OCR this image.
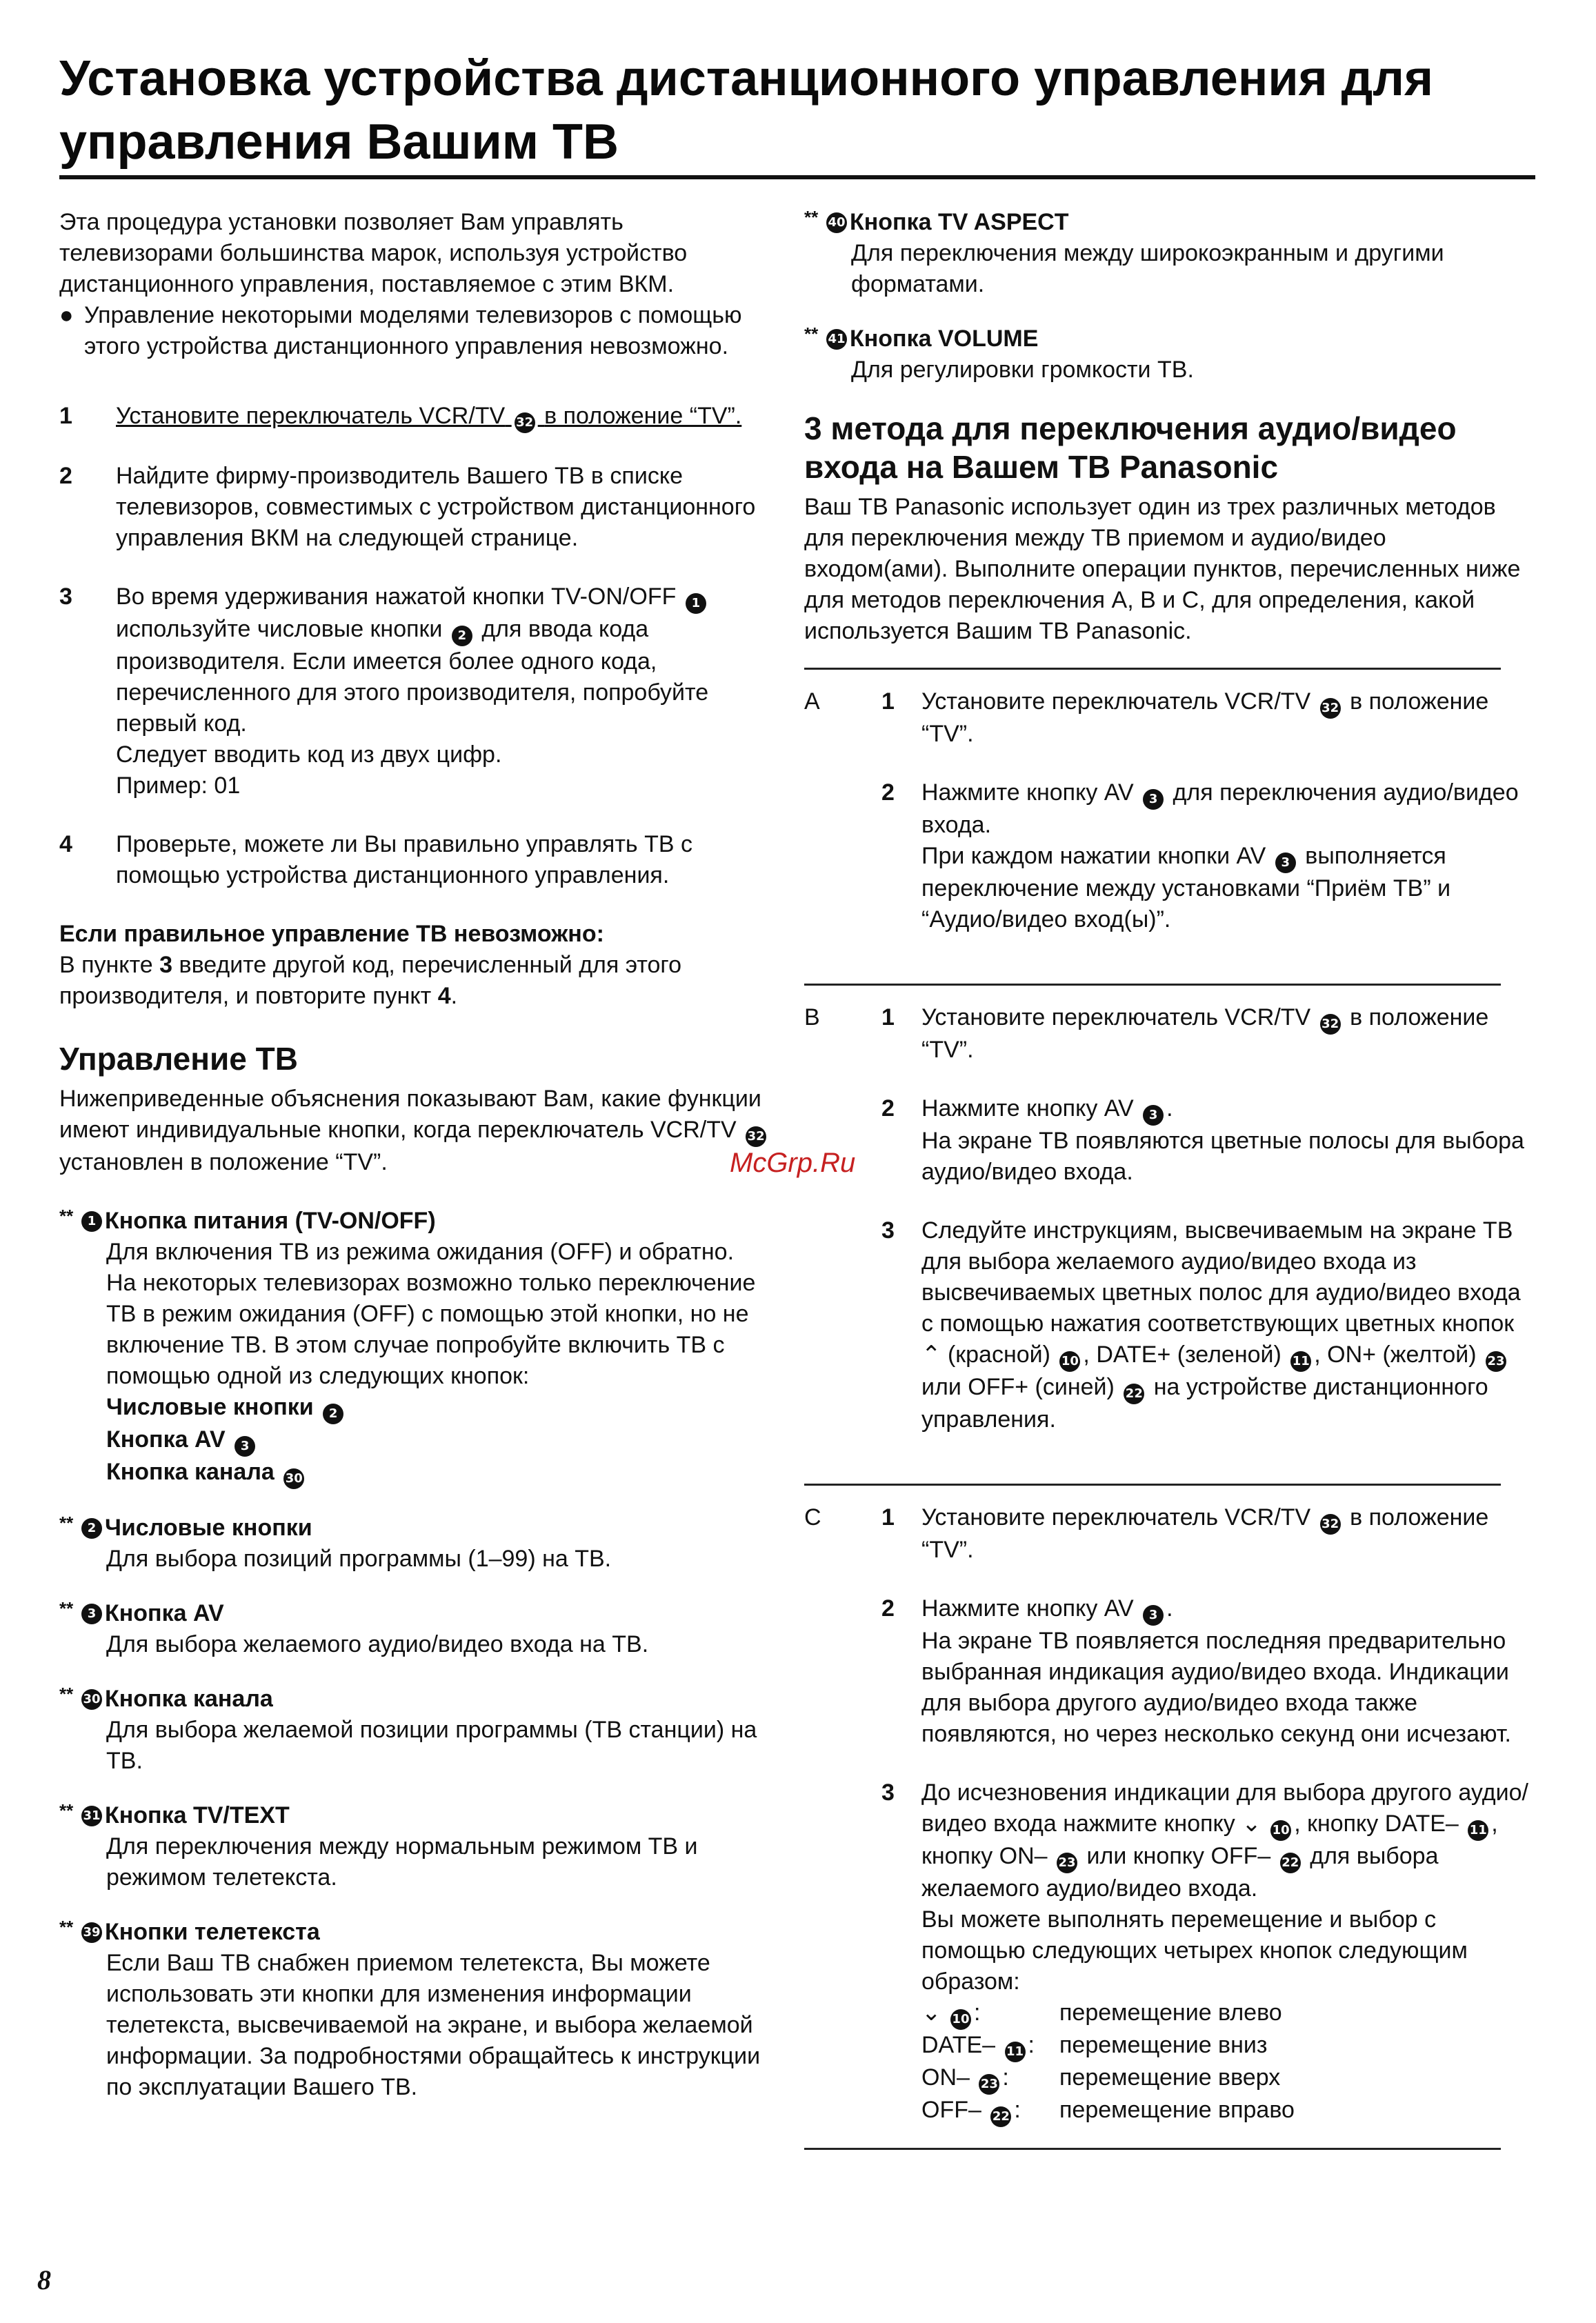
Установка устройства дистанционного управления для управления Вашим ТВ
Эта процедура установки позволяет Вам управлять телевизорами большинства марок, используя устройство дистанционного управления, поставляемое с этим ВКМ.
● Управление некоторыми моделями телевизоров с помощью этого устройства дистанционного управления невозможно.
1	Установите переключатель VCR/TV 32 в положение “TV”.
2	Найдите фирму-производитель Вашего ТВ в списке телевизоров, совместимых с устройством дистанционного управления ВКМ на следующей странице.
3	Во время удерживания нажатой кнопки TV-ON/OFF 1 используйте числовые кнопки 2 для ввода кода производителя. Если имеется более одного кода, перечисленного для этого производителя, попробуйте первый код.
Следует вводить код из двух цифр.
Пример: 01
4	Проверьте, можете ли Вы правильно управлять ТВ с помощью устройства дистанционного управления.
Если правильное управление ТВ невозможно:
В пункте 3 введите другой код, перечисленный для этого производителя, и повторите пункт 4.
Управление ТВ
Нижеприведенные объяснения показывают Вам, какие функции имеют индивидуальные кнопки, когда переключатель VCR/TV 32 установлен в положение “TV”.
**	1 Кнопка питания (TV-ON/OFF)
Для включения ТВ из режима ожидания (OFF) и обратно.
На некоторых телевизорах возможно только переключение ТВ в режим ожидания (OFF) с помощью этой кнопки, но не включение ТВ. В этом случае попробуйте включить ТВ с помощью одной из следующих кнопок:
Числовые кнопки 2
Кнопка AV 3
Кнопка канала 30
**	2 Числовые кнопки
Для выбора позиций программы (1–99) на ТВ.
**	3 Кнопка AV
Для выбора желаемого аудио/видео входа на ТВ.
** 30 Кнопка канала
Для выбора желаемой позиции программы (ТВ станции) на ТВ.
** 31 Кнопка TV/TEXT
Для переключения между нормальным режимом ТВ и режимом телетекста.
** 39 Кнопки телетекста
Если Ваш ТВ снабжен приемом телетекста, Вы можете использовать эти кнопки для изменения информации телетекста, высвечиваемой на экране, и выбора желаемой информации. За подробностями обращайтесь к инструкции по эксплуатации Вашего ТВ.
** 40 Кнопка TV ASPECT
Для переключения между широкоэкранным и другими форматами.
** 41 Кнопка VOLUME
Для регулировки громкости ТВ.
3 метода для переключения аудио/видео входа на Вашем ТВ Panasonic
Ваш ТВ Panasonic использует один из трех различных методов для переключения между ТВ приемом и аудио/видео входом(ами). Выполните операции пунктов, перечисленных ниже для методов переключения A, B и C, для определения, какой используется Вашим ТВ Panasonic.
A	1	Установите переключатель VCR/TV 32 в положение “TV”.
2	Нажмите кнопку AV 3 для переключения аудио/видео входа.
При каждом нажатии кнопки AV 3 выполняется переключение между установками “Приём ТВ” и “Аудио/видео вход(ы)”.
B	1	Установите переключатель VCR/TV 32 в положение “TV”.
2	Нажмите кнопку AV 3 .
На экране ТВ появляются цветные полосы для выбора аудио/видео входа.
3	Следуйте инструкциям, высвечиваемым на экране ТВ для выбора желаемого аудио/видео входа из высвечиваемых цветных полос для аудио/видео входа с помощью нажатия соответствующих цветных кнопок ⌃ (красной) 10 , DATE+ (зеленой) 11 , ON+ (желтой) 23 или OFF+ (синей) 22 на устройстве дистанционного управления.
C	1	Установите переключатель VCR/TV 32 в положение “TV”.
2	Нажмите кнопку AV 3 .
На экране ТВ появляется последняя предварительно выбранная индикация аудио/видео входа. Индикации для выбора другого аудио/видео входа также появляются, но через несколько секунд они исчезают.
3	До исчезновения индикации для выбора другого аудио/видео входа нажмите кнопку ⌄ 10 , кнопку DATE– 11 , кнопку ON– 23 или кнопку OFF– 22 для выбора желаемого аудио/видео входа.
Вы можете выполнять перемещение и выбор с помощью следующих четырех кнопок следующим образом:
⌄ 10 :	перемещение влево
DATE– 11 :	перемещение вниз
ON– 23 :	перемещение вверх
OFF– 22 :	перемещение вправо
McGrp.Ru
8
